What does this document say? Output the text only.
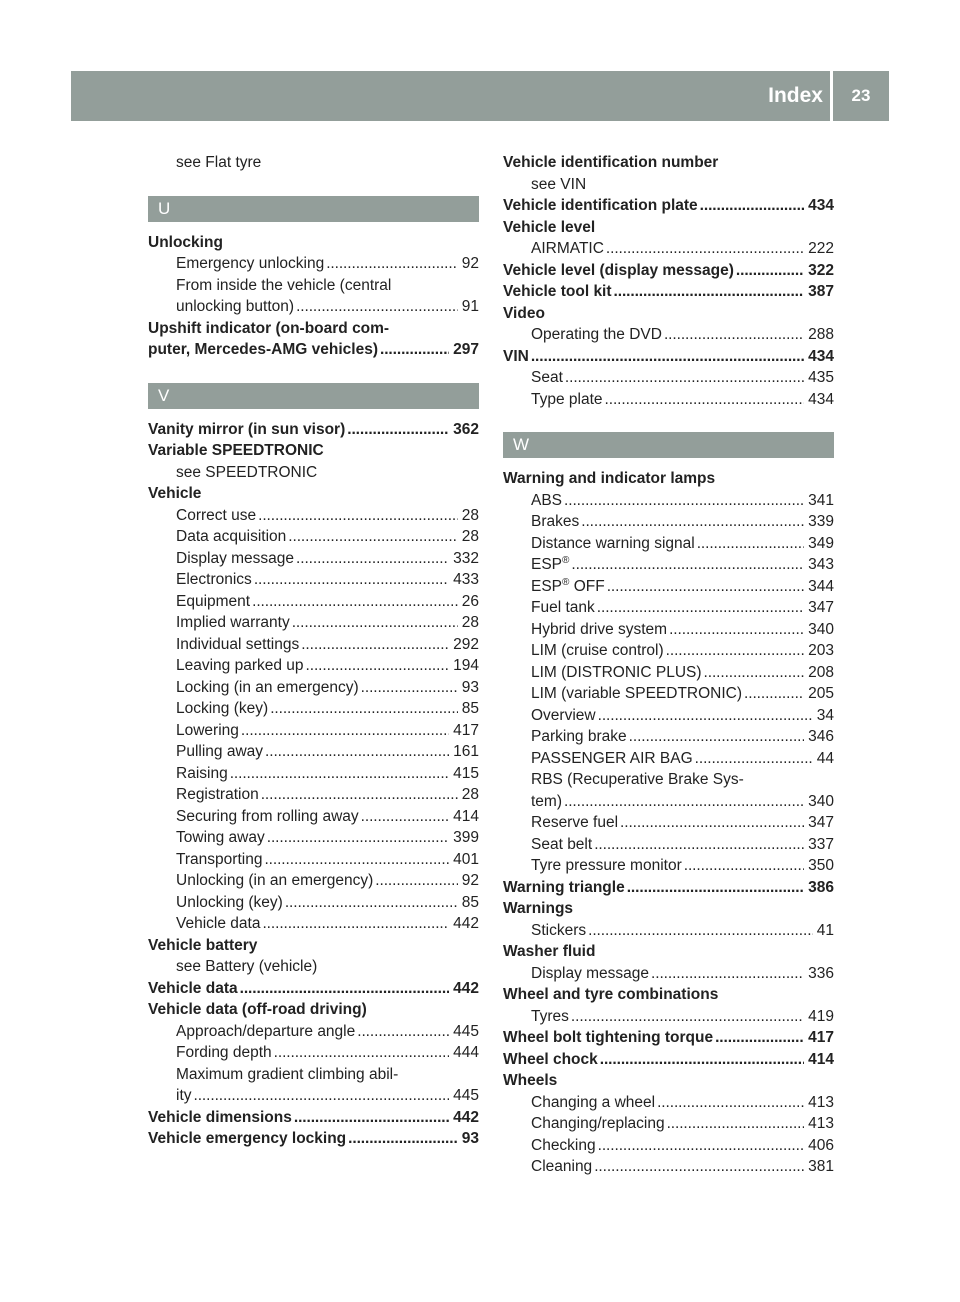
Index	23
see Flat tyre
U
Unlocking
Emergency unlocking . . .	92
From inside the vehicle (central
unlocking button) . . .	91
Upshift indicator (on-board com-
puter, Mercedes-AMG vehicles) . . .	297
V
Vanity mirror (in sun visor) . . .	362
Variable SPEEDTRONIC
see SPEEDTRONIC
Vehicle
Correct use . . .	28
Data acquisition . . .	28
Display message . . .	332
Electronics . . .	433
Equipment . . .	26
Implied warranty . . .	28
Individual settings . . .	292
Leaving parked up . . .	194
Locking (in an emergency) . . .	93
Locking (key) . . .	85
Lowering . . .	417
Pulling away . . .	161
Raising . . .	415
Registration . . .	28
Securing from rolling away . . .	414
Towing away . . .	399
Transporting . . .	401
Unlocking (in an emergency) . . .	92
Unlocking (key) . . .	85
Vehicle data . . .	442
Vehicle battery
see Battery (vehicle)
Vehicle data . . .	442
Vehicle data (off-road driving)
Approach/departure angle . . .	445
Fording depth . . .	444
Maximum gradient climbing abil-
ity . . .	445
Vehicle dimensions . . .	442
Vehicle emergency locking . . .	93
Vehicle identification number
see VIN
Vehicle identification plate . . .	434
Vehicle level
AIRMATIC . . .	222
Vehicle level (display message) . . .	322
Vehicle tool kit . . .	387
Video
Operating the DVD . . .	288
VIN . . .	434
Seat . . .	435
Type plate . . .	434
W
Warning and indicator lamps
ABS . . .	341
Brakes . . .	339
Distance warning signal . . .	349
ESP® . . .	343
ESP® OFF . . .	344
Fuel tank . . .	347
Hybrid drive system . . .	340
LIM (cruise control) . . .	203
LIM (DISTRONIC PLUS) . . .	208
LIM (variable SPEEDTRONIC) . . .	205
Overview . . .	34
Parking brake . . .	346
PASSENGER AIR BAG . . .	44
RBS (Recuperative Brake Sys-
tem) . . .	340
Reserve fuel . . .	347
Seat belt . . .	337
Tyre pressure monitor . . .	350
Warning triangle . . .	386
Warnings
Stickers . . .	41
Washer fluid
Display message . . .	336
Wheel and tyre combinations
Tyres . . .	419
Wheel bolt tightening torque . . .	417
Wheel chock . . .	414
Wheels
Changing a wheel . . .	413
Changing/replacing . . .	413
Checking . . .	406
Cleaning . . .	381
